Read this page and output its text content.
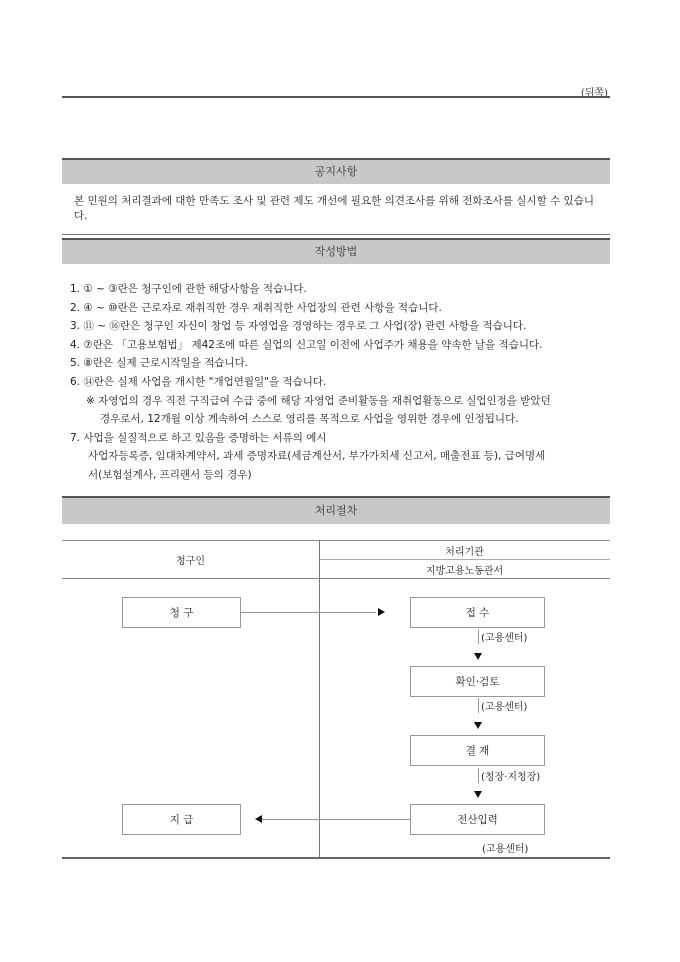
(뒤쪽)
공지사항
본 민원의 처리결과에 대한 만족도 조사 및 관련 제도 개선에 필요한 의견조사를 위해 전화조사를 실시할 수 있습니다.
작성방법
1. ① ~ ③란은 청구인에 관한 해당사항을 적습니다.
2. ④ ~ ⑩란은 근로자로 재취직한 경우 재취직한 사업장의 관련 사항을 적습니다.
3. ⑪ ~ ⑯란은 청구인 자신이 창업 등 자영업을 경영하는 경우로 그 사업(장) 관련 사항을 적습니다.
4. ⑦란은 「고용보험법」 제42조에 따른 실업의 신고일 이전에 사업주가 채용을 약속한 날을 적습니다.
5. ⑧란은 실제 근로시작일을 적습니다.
6. ⑭란은 실제 사업을 개시한 "개업연월일"을 적습니다.
※ 자영업의 경우 직전 구직급여 수급 중에 해당 자영업 준비활동을 재취업활동으로 실업인정을 받았던
경우로서, 12개월 이상 계속하여 스스로 영리를 목적으로 사업을 영위한 경우에 인정됩니다.
7. 사업을 실질적으로 하고 있음을 증명하는 서류의 예시
사업자등록증, 임대차계약서, 과세 증명자료(세금계산서, 부가가치세 신고서, 매출전표 등), 급여명세
서(보험설계사, 프리랜서 등의 경우)
처리절차
청구인
처리기관
지방고용노동관서
청 구	접 수
(고용센터)
확인·검토
(고용센터)
결 재
(청장·지청장)
전산입력
(고용센터)
지 급
